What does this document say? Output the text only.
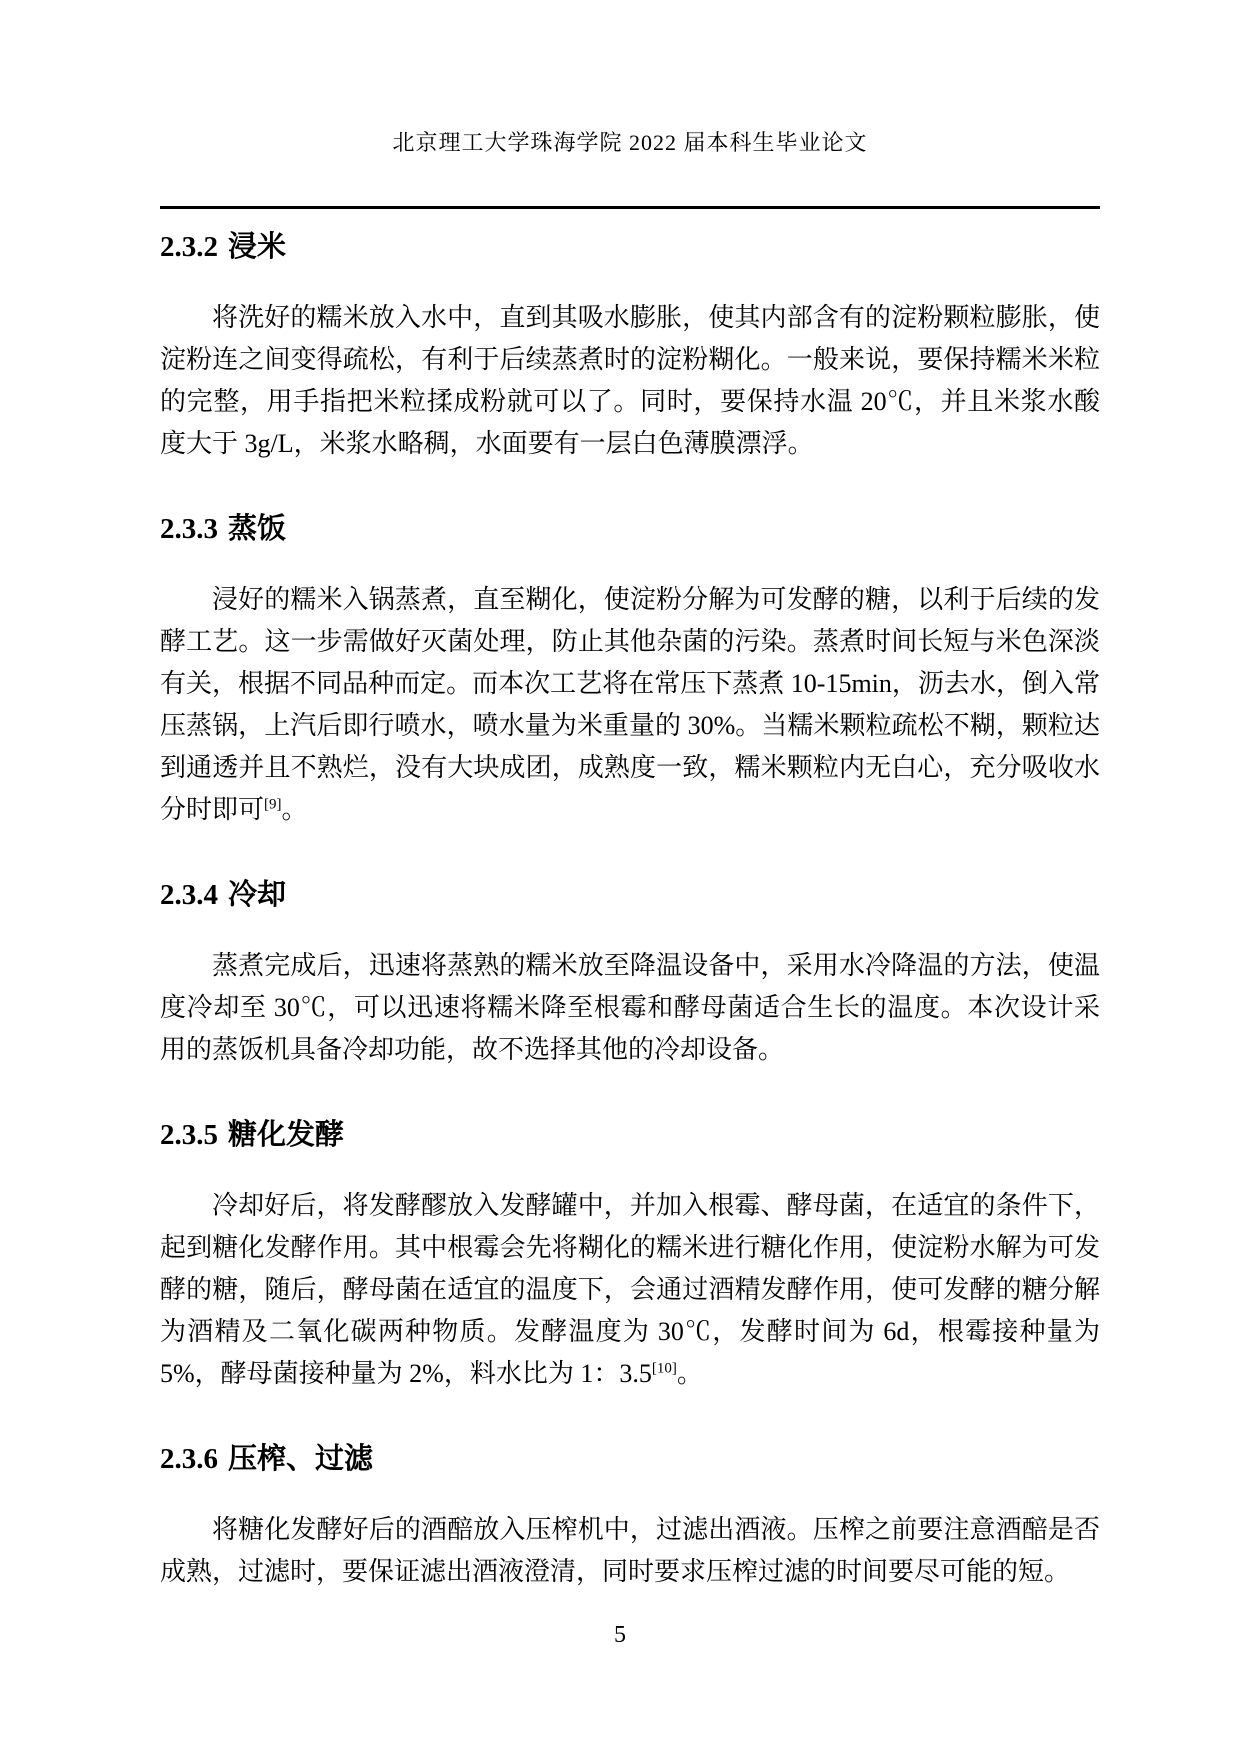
北京理工大学珠海学院 2022 届本科生毕业论文
2.3.2 浸米

将洗好的糯米放入水中，直到其吸水膨胀，使其内部含有的淀粉颗粒膨胀，使淀粉连之间变得疏松，有利于后续蒸煮时的淀粉糊化。一般来说，要保持糯米米粒的完整，用手指把米粒揉成粉就可以了。同时，要保持水温 20℃，并且米浆水酸度大于 3g/L，米浆水略稠，水面要有一层白色薄膜漂浮。

2.3.3 蒸饭

浸好的糯米入锅蒸煮，直至糊化，使淀粉分解为可发酵的糖，以利于后续的发酵工艺。这一步需做好灭菌处理，防止其他杂菌的污染。蒸煮时间长短与米色深淡有关，根据不同品种而定。而本次工艺将在常压下蒸煮 10-15min，沥去水，倒入常压蒸锅，上汽后即行喷水，喷水量为米重量的 30%。当糯米颗粒疏松不糊，颗粒达到通透并且不熟烂，没有大块成团，成熟度一致，糯米颗粒内无白心，充分吸收水分时即可[9]。

2.3.4 冷却

蒸煮完成后，迅速将蒸熟的糯米放至降温设备中，采用水冷降温的方法，使温度冷却至 30℃，可以迅速将糯米降至根霉和酵母菌适合生长的温度。本次设计采用的蒸饭机具备冷却功能，故不选择其他的冷却设备。

2.3.5 糖化发酵

冷却好后，将发酵醪放入发酵罐中，并加入根霉、酵母菌，在适宜的条件下，起到糖化发酵作用。其中根霉会先将糊化的糯米进行糖化作用，使淀粉水解为可发酵的糖，随后，酵母菌在适宜的温度下，会通过酒精发酵作用，使可发酵的糖分解为酒精及二氧化碳两种物质。发酵温度为 30℃，发酵时间为 6d，根霉接种量为 5%，酵母菌接种量为 2%，料水比为 1：3.5[10]。

2.3.6 压榨、过滤

将糖化发酵好后的酒醅放入压榨机中，过滤出酒液。压榨之前要注意酒醅是否成熟，过滤时，要保证滤出酒液澄清，同时要求压榨过滤的时间要尽可能的短。

5
